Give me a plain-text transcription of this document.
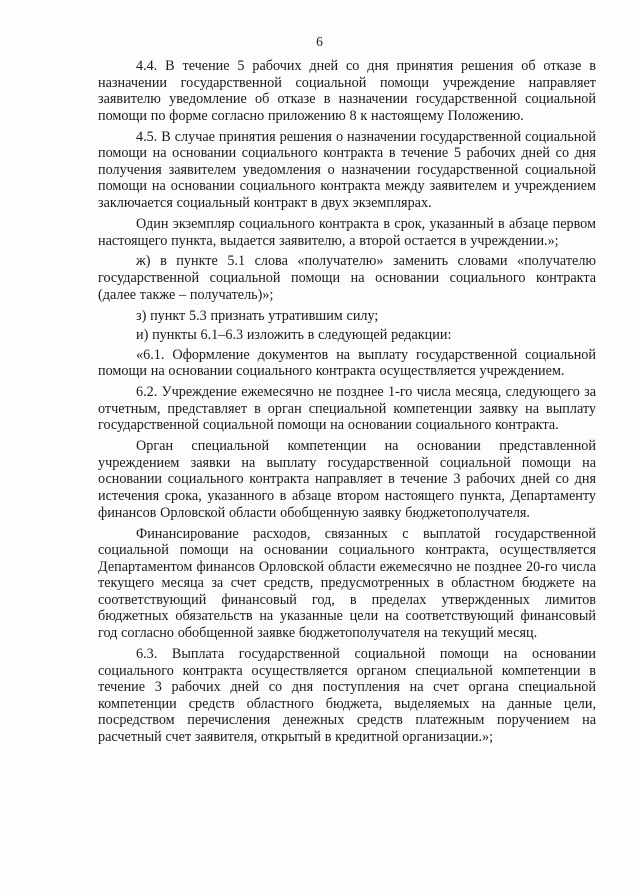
6

4.4. В течение 5 рабочих дней со дня принятия решения об отказе в назначении государственной социальной помощи учреждение направляет заявителю уведомление об отказе в назначении государственной социальной помощи по форме согласно приложению 8 к настоящему Положению.

4.5. В случае принятия решения о назначении государственной социальной помощи на основании социального контракта в течение 5 рабочих дней со дня получения заявителем уведомления о назначении государственной социальной помощи на основании социального контракта между заявителем и учреждением заключается социальный контракт в двух экземплярах.

Один экземпляр социального контракта в срок, указанный в абзаце первом настоящего пункта, выдается заявителю, а второй остается в учреждении.»;

ж) в пункте 5.1 слова «получателю» заменить словами «получателю государственной социальной помощи на основании социального контракта (далее также – получатель)»;

з) пункт 5.3 признать утратившим силу;

и) пункты 6.1–6.3 изложить в следующей редакции:

«6.1. Оформление документов на выплату государственной социальной помощи на основании социального контракта осуществляется учреждением.

6.2. Учреждение ежемесячно не позднее 1-го числа месяца, следующего за отчетным, представляет в орган специальной компетенции заявку на выплату государственной социальной помощи на основании социального контракта.

Орган специальной компетенции на основании представленной учреждением заявки на выплату государственной социальной помощи на основании социального контракта направляет в течение 3 рабочих дней со дня истечения срока, указанного в абзаце втором настоящего пункта, Департаменту финансов Орловской области обобщенную заявку бюджетополучателя.

Финансирование расходов, связанных с выплатой государственной социальной помощи на основании социального контракта, осуществляется Департаментом финансов Орловской области ежемесячно не позднее 20-го числа текущего месяца за счет средств, предусмотренных в областном бюджете на соответствующий финансовый год, в пределах утвержденных лимитов бюджетных обязательств на указанные цели на соответствующий финансовый год согласно обобщенной заявке бюджетополучателя на текущий месяц.

6.3. Выплата государственной социальной помощи на основании социального контракта осуществляется органом специальной компетенции в течение 3 рабочих дней со дня поступления на счет органа специальной компетенции средств областного бюджета, выделяемых на данные цели, посредством перечисления денежных средств платежным поручением на расчетный счет заявителя, открытый в кредитной организации.»;
